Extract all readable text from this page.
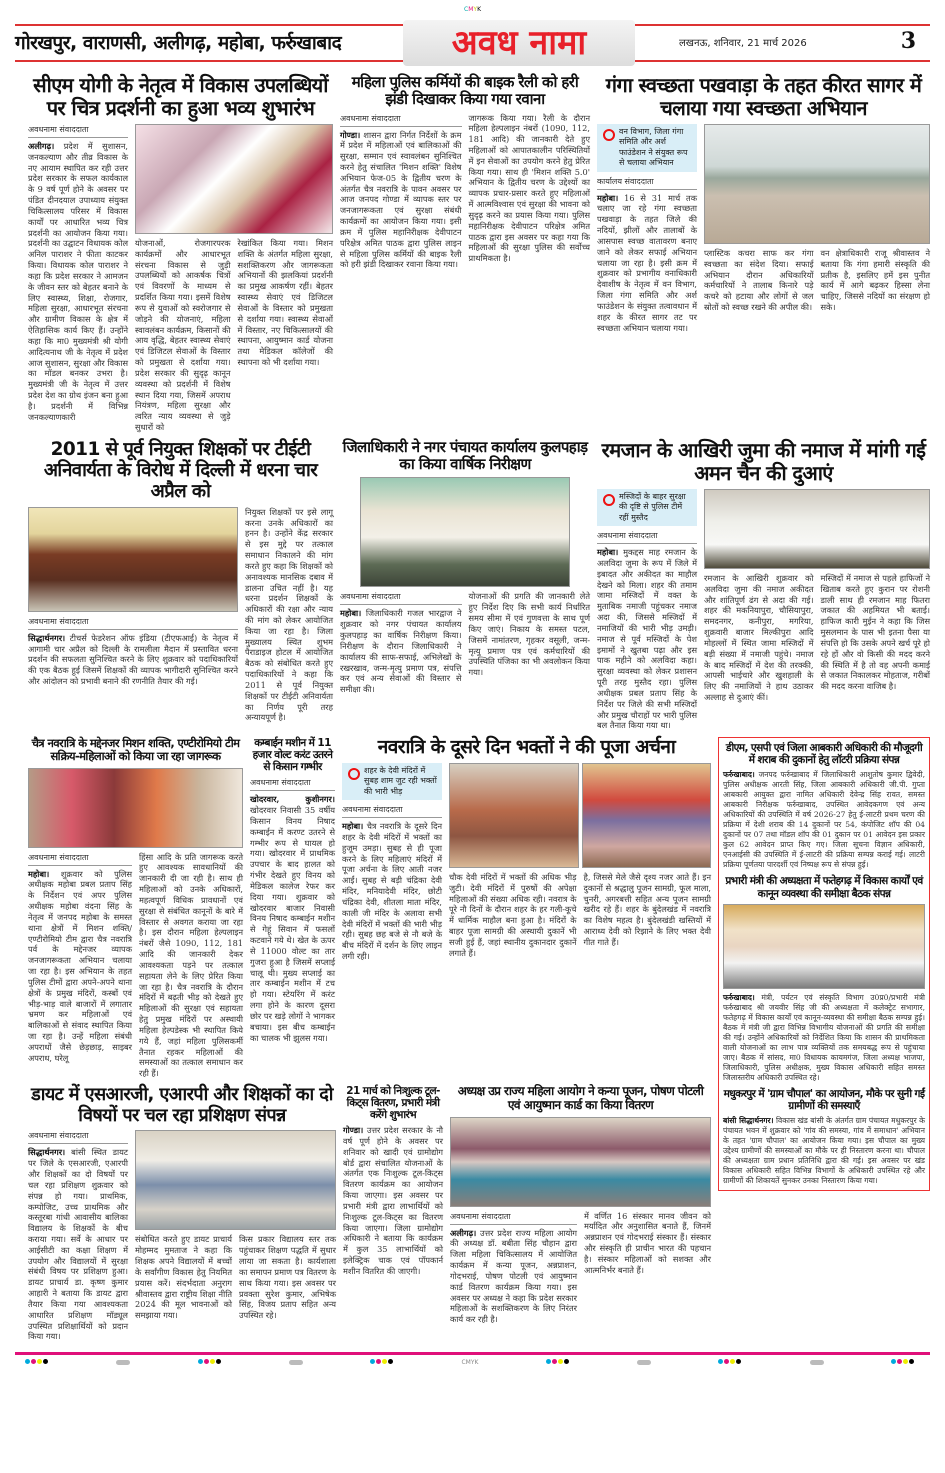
CMYK
गोरखपुर, वाराणसी, अलीगढ़, महोबा, फर्रुखाबाद	अवध नामा	लखनऊ, शनिवार, 21 मार्च 2026	3
सीएम योगी के नेतृत्व में विकास उपलब्धियों पर चित्र प्रदर्शनी का हुआ भव्य शुभारंभ
अवधनामा संवाददाता

अलीगढ़। प्रदेश में सुशासन, जनकल्याण और तीव्र विकास के नए आयाम स्थापित कर रही उत्तर प्रदेश सरकार के सफल कार्यकाल के 9 वर्ष पूर्ण होने के अवसर पर पंडित दीनदयाल उपाध्याय संयुक्त चिकित्सालय परिसर में विकास कार्यों पर आधारित भव्य चित्र प्रदर्शनी का आयोजन किया गया। प्रदर्शनी का उद्घाटन विधायक कोल अनिल पाराशर ने फीता काटकर किया। विधायक कोल पाराशर ने कहा कि प्रदेश सरकार ने आमजन के जीवन स्तर को बेहतर बनाने के लिए स्वास्थ्य, शिक्षा, रोजगार, महिला सुरक्षा, आधारभूत संरचना और ग्रामीण विकास के क्षेत्र में ऐतिहासिक कार्य किए हैं। उन्होंने कहा कि मा0 मुख्यमंत्री श्री योगी आदित्यनाथ जी के नेतृत्व में प्रदेश आज सुशासन, सुरक्षा और विकास का मॉडल बनकर उभरा है। मुख्यमंत्री जी के नेतृत्व में उत्तर प्रदेश देश का ग्रोथ इंजन बना हुआ है। प्रदर्शनी में विभिन्न जनकल्याणकारी

योजनाओं, रोजगारपरक कार्यक्रमों और आधारभूत संरचना विकास से जुड़ी उपलब्धियों को आकर्षक चित्रों एवं विवरणों के माध्यम से प्रदर्शित किया गया। इसमें विशेष रूप से युवाओं को स्वरोजगार से जोड़ने की योजनाएं, महिला स्वावलंबन कार्यक्रम, किसानों की आय वृद्धि, बेहतर स्वास्थ्य सेवाएं एवं डिजिटल सेवाओं के विस्तार को प्रमुखता से दर्शाया गया। प्रदेश सरकार की सुदृढ़ कानून व्यवस्था को प्रदर्शनी में विशेष स्थान दिया गया, जिसमें अपराध नियंत्रण, महिला सुरक्षा और त्वरित न्याय व्यवस्था से जुड़े सुधारों को

रेखांकित किया गया। मिशन शक्ति के अंतर्गत महिला सुरक्षा, सशक्तिकरण और जागरूकता अभियानों की झलकियां प्रदर्शनी का प्रमुख आकर्षण रहीं। बेहतर स्वास्थ्य सेवाएं एवं डिजिटल सेवाओं के विस्तार को प्रमुखता से दर्शाया गया। स्वास्थ्य सेवाओं में विस्तार, नए चिकित्सालयों की स्थापना, आयुष्मान कार्ड योजना तथा मेडिकल कॉलेजों की स्थापना को भी दर्शाया गया।

महिला पुलिस कर्मियों की बाइक रैली को हरी झंडी दिखाकर किया गया रवाना
अवधनामा संवाददाता

गोण्डा। शासन द्वारा निर्गत निर्देशों के क्रम में प्रदेश में महिलाओं एवं बालिकाओं की सुरक्षा, सम्मान एवं स्वावलंबन सुनिश्चित करने हेतु संचालित 'मिशन शक्ति' विशेष अभियान फेज-05 के द्वितीय चरण के अंतर्गत चैत्र नवरात्रि के पावन अवसर पर आज जनपद गोण्डा में व्यापक स्तर पर जनजागरूकता एवं सुरक्षा संबंधी कार्यक्रमों का आयोजन किया गया। इसी क्रम में पुलिस महानिरीक्षक देवीपाटन परिक्षेत्र अमित पाठक द्वारा पुलिस लाइन से महिला पुलिस कर्मियों की बाइक रैली को हरी झंडी दिखाकर रवाना किया गया।

जागरूक किया गया। रैली के दौरान महिला हेल्पलाइन नंबरों (1090, 112, 181 आदि) की जानकारी देते हुए महिलाओं को आपातकालीन परिस्थितियों में इन सेवाओं का उपयोग करने हेतु प्रेरित किया गया। साथ ही 'मिशन शक्ति 5.0' अभियान के द्वितीय चरण के उद्देश्यों का व्यापक प्रचार-प्रसार करते हुए महिलाओं में आत्मविश्वास एवं सुरक्षा की भावना को सुदृढ़ करने का प्रयास किया गया। पुलिस महानिरीक्षक देवीपाटन परिक्षेत्र अमित पाठक द्वारा इस अवसर पर कहा गया कि महिलाओं की सुरक्षा पुलिस की सर्वोच्च प्राथमिकता है।

गंगा स्वच्छता पखवाड़ा के तहत कीरत सागर में चलाया गया स्वच्छता अभियान
वन विभाग, जिला गंगा समिति और अर्श फाउंडेशन ने संयुक्त रूप से चलाया अभियान
कार्यालय संवाददाता

महोबा। 16 से 31 मार्च तक चलाए जा रहे गंगा स्वच्छता पखवाड़ा के तहत जिले की नदियों, झीलों और तालाबों के आसपास स्वच्छ वातावरण बनाए जाने को लेकर सफाई अभियान चलाया जा रहा है। इसी क्रम में शुक्रवार को प्रभागीय वनाधिकारी देवाशीष के नेतृत्व में वन विभाग, जिला गंगा समिति और अर्श फाउंडेशन के संयुक्त तत्वावधान में शहर के कीरत सागर तट पर स्वच्छता अभियान चलाया गया।

प्लास्टिक कचरा साफ कर गंगा स्वच्छता का संदेश दिया। सफाई अभियान दौरान अधिकारियों कर्मचारियों ने तालाब किनारे पड़े कचरे को हटाया और लोगों से जल स्रोतों को स्वच्छ रखने की अपील की।

वन क्षेत्राधिकारी राजू श्रीवास्तव ने बताया कि गंगा हमारी संस्कृति की प्रतीक है, इसलिए हमें इस पुनीत कार्य में आगे बढ़कर हिस्सा लेना चाहिए, जिससे नदियों का संरक्षण हो सके।

2011 से पूर्व नियुक्त शिक्षकों पर टीईटी अनिवार्यता के विरोध में दिल्ली में धरना चार अप्रैल को
अवधनामा संवाददाता

सिद्धार्थनगर। टीचर्स फेडरेशन ऑफ इंडिया (टीएफआई) के नेतृत्व में आगामी चार अप्रैल को दिल्ली के रामलीला मैदान में प्रस्तावित धरना प्रदर्शन की सफलता सुनिश्चित करने के लिए शुक्रवार को पदाधिकारियों की एक बैठक हुई जिसमें शिक्षकों की व्यापक भागीदारी सुनिश्चित करने और आंदोलन को प्रभावी बनाने की रणनीति तैयार की गई।

नियुक्त शिक्षकों पर इसे लागू करना उनके अधिकारों का हनन है। उन्होंने केंद्र सरकार से इस मुद्दे पर तत्काल समाधान निकालने की मांग करते हुए कहा कि शिक्षकों को अनावश्यक मानसिक दबाव में डालना उचित नहीं है। यह धरना प्रदर्शन शिक्षकों के अधिकारों की रक्षा और न्याय की मांग को लेकर आयोजित किया जा रहा है। जिला मुख्यालय स्थित शुभम पैराडाइज होटल में आयोजित बैठक को संबोधित करते हुए पदाधिकारियों ने कहा कि 2011 से पूर्व नियुक्त शिक्षकों पर टीईटी अनिवार्यता का निर्णय पूरी तरह अन्यायपूर्ण है।

जिलाधिकारी ने नगर पंचायत कार्यालय कुलपहाड़ का किया वार्षिक निरीक्षण
अवधनामा संवाददाता

महोबा। जिलाधिकारी गजल भारद्वाज ने शुक्रवार को नगर पंचायत कार्यालय कुलपहाड़ का वार्षिक निरीक्षण किया। निरीक्षण के दौरान जिलाधिकारी ने कार्यालय की साफ-सफाई, अभिलेखों के रखरखाव, जन्म-मृत्यु प्रमाण पत्र, संपत्ति कर एवं अन्य सेवाओं की विस्तार से समीक्षा की।

योजनाओं की प्रगति की जानकारी लेते हुए निर्देश दिए कि सभी कार्य निर्धारित समय सीमा में एवं गुणवत्ता के साथ पूर्ण किए जाएं। निकाय के समस्त पटल, जिसमें नामांतरण, गृहकर वसूली, जन्म-मृत्यु प्रमाण पत्र एवं कर्मचारियों की उपस्थिति पंजिका का भी अवलोकन किया गया।

रमजान के आखिरी जुमा की नमाज में मांगी गई अमन चैन की दुआएं
मस्जिदों के बाहर सुरक्षा की दृष्टि से पुलिस टीमें रहीं मुस्तैद
अवधनामा संवाददाता

महोबा। मुकद्दस माह रमजान के अलविदा जुमा के रूप में जिले में इबादत और अकीदत का माहौल देखने को मिला। शहर की तमाम जामा मस्जिदों में वक्त के मुताबिक नमाजी पहुंचकर नमाज अदा की, जिससे मस्जिदों में नमाजियों की भारी भीड़ उमड़ी। नमाज से पूर्व मस्जिदों के पेश इमामों ने खुतबा पढ़ा और इस पाक महीने को अलविदा कहा। सुरक्षा व्यवस्था को लेकर प्रशासन पूरी तरह मुस्तैद रहा। पुलिस अधीक्षक प्रबल प्रताप सिंह के निर्देश पर जिले की सभी मस्जिदों और प्रमुख चौराहों पर भारी पुलिस बल तैनात किया गया था।

रमजान के आखिरी शुक्रवार को अलविदा जुमा की नमाज अकीदत और शांतिपूर्ण ढंग से अदा की गई। शहर की मकनियापुरा, चौसियापुरा, समदनगर, कनीपुरा, मगरिया, शुक्रवारी बाजार मिल्कीपुरा आदि मोहल्लों में स्थित जामा मस्जिदों में बड़ी संख्या में नमाजी पहुंचे। नमाज के बाद मस्जिदों में देश की तरक्की, आपसी भाईचारे और खुशहाली के लिए की नमाजियों ने हाथ उठाकर अल्लाह से दुआएं कीं।

मस्जिदों में नमाज से पहले हाफिजों ने खिताब करते हुए कुरान पर रोशनी डाली साथ ही रमजान माह फितरा जकात की अहमियत भी बताई। हाफिज कारी मुईन ने कहा कि जिस मुसलमान के पास भी इतना पैसा या संपत्ति हो कि उसके अपने खर्च पूरे हो रहे हों और वो किसी की मदद करने की स्थिति में है तो वह अपनी कमाई से जकात निकालकर मोहताज, गरीबों की मदद करना वाजिब है।

चैत्र नवरात्रि के मद्देनजर मिशन शक्ति, एण्टीरोमियो टीम सक्रिय-महिलाओं को किया जा रहा जागरूक
अवधनामा संवाददाता

महोबा। शुक्रवार को पुलिस अधीक्षक महोबा प्रबल प्रताप सिंह के निर्देशन एवं अपर पुलिस अधीक्षक महोबा वंदना सिंह के नेतृत्व में जनपद महोबा के समस्त थाना क्षेत्रों में मिशन शक्ति/एण्टीरोमियो टीम द्वारा चैत्र नवरात्रि पर्व के मद्देनजर व्यापक जनजागरूकता अभियान चलाया जा रहा है। इस अभियान के तहत पुलिस टीमों द्वारा अपने-अपने थाना क्षेत्रों के प्रमुख मंदिरों, कस्बों एवं भीड़-भाड़ वाले बाजारों में लगातार भ्रमण कर महिलाओं एवं बालिकाओं से संवाद स्थापित किया जा रहा है। उन्हें महिला संबंधी अपराधों जैसे छेड़छाड़, साइबर अपराध, घरेलू

हिंसा आदि के प्रति जागरूक करते हुए आवश्यक सावधानियों की जानकारी दी जा रही है। साथ ही महिलाओं को उनके अधिकारों, महत्वपूर्ण विधिक प्रावधानों एवं सुरक्षा से संबंधित कानूनों के बारे में विस्तार से अवगत कराया जा रहा है। इस दौरान महिला हेल्पलाइन नंबरों जैसे 1090, 112, 181 आदि की जानकारी देकर आवश्यकता पड़ने पर तत्काल सहायता लेने के लिए प्रेरित किया जा रहा है। चैत्र नवरात्रि के दौरान मंदिरों में बढ़ती भीड़ को देखते हुए महिलाओं की सुरक्षा एवं सहायता हेतु प्रमुख मंदिरों पर अस्थायी महिला हेल्पडेस्क भी स्थापित किये गये हैं, जहां महिला पुलिसकर्मी तैनात रहकर महिलाओं की समस्याओं का तत्काल समाधान कर रही हैं।

कम्बाईन मशीन में 11 हजार वोल्ट करंट उतरने से किसान गम्भीर
अवधनामा संवाददाता

खोदरवार, कुशीनगर। खोदरवार निवासी 35 वर्षीय किसान विनय निषाद कम्बाईन में करण्ट उतरने से गम्भीर रूप से घायल हो गया। खोदरवार में प्राथमिक उपचार के बाद हालत को गंभीर देखते हुए विनय को मेडिकल कालेज रेफर कर दिया गया। शुक्रवार को खोदरवार बाजार निवासी विनय निषाद कम्बाईन मशीन से गेहूं सिवान में फसलों कटवाने गये थे। खेत के ऊपर से 11000 वोल्ट का तार गुजरा हुआ है जिसमें सप्लाई चालू थी। मुख्य सप्लाई का तार कम्बाईन मशीन में टच हो गया। स्टेयरिंग में करंट लगा होने के कारण दूसरा छोर पर खड़े लोगों ने भागकर बचाया। इस बीच कम्बाईन का चालक भी झुलस गया।

नवरात्रि के दूसरे दिन भक्तों ने की पूजा अर्चना
शहर के देवी मंदिरों में सुबह शाम जुट रही भक्तों की भारी भीड़
अवधनामा संवाददाता

महोबा। चैत्र नवरात्रि के दूसरे दिन शहर के देवी मंदिरों में भक्तों का हुजूम उमड़ा। सुबह से ही पूजा करने के लिए महिलाएं मंदिरों में पूजा अर्चना के लिए आती नजर आईं। सुबह से बड़ी चंद्रिका देवी मंदिर, मनियादेवी मंदिर, छोटी चंद्रिका देवी, शीतला माता मंदिर, काली जी मंदिर के अलावा सभी देवी मंदिरों में भक्तों की भारी भीड़ रही। सुबह छह बजे से नौ बजे के बीच मंदिरों में दर्शन के लिए लाइन लगी रही।

चौक देवी मंदिरों में भक्तों की अधिक भीड़ जुटी। देवी मंदिरों में पुरुषों की अपेक्षा महिलाओं की संख्या अधिक रही। नवरात्र के पूरे नौ दिनों के दौरान शहर के हर गली-कूचे में धार्मिक माहौल बना हुआ है। मंदिरों के बाहर पूजा सामग्री की अस्थायी दुकानें भी सजी हुई हैं, जहां स्थानीय दुकानदार दुकानें लगाते हैं।

है, जिससे मेले जैसे दृश्य नजर आते हैं। इन दुकानों से श्रद्धालु पूजन सामग्री, फूल माला, चुनरी, अगरबत्ती सहित अन्य पूजन सामग्री खरीद रहे हैं। शहर के बुंदेलखंड में नवरात्रि का विशेष महत्व है। बुंदेलखंडी खस्तियों में आराध्य देवी को रिझाने के लिए भक्त देवी गीत गाते हैं।

डायट में एसआरजी, एआरपी और शिक्षकों का दो विषयों पर चल रहा प्रशिक्षण संपन्न
अवधनामा संवाददाता

सिद्धार्थनगर। बांसी स्थित डायट पर जिले के एसआरजी, एआरपी और शिक्षकों का दो विषयों पर चल रहा प्रशिक्षण शुक्रवार को संपन्न हो गया। प्राथमिक, कम्पोजिट, उच्च प्राथमिक और कस्तूरबा गांधी आवासीय बालिका विद्यालय के शिक्षकों के बीच कराया गया। सर्वे के आधार पर आईसीटी का कक्षा शिक्षण में उपयोग और विद्यालयों में सुरक्षा संबंधी विषय पर प्रशिक्षण हुआ। डायट प्राचार्य डा. कृष्ण कुमार आहारी ने बताया कि डायट द्वारा तैयार किया गया आवश्यकता आधारित प्रशिक्षण मॉड्यूल उपस्थित प्रशिक्षार्थियों को प्रदान किया गया।

संबोधित करते हुए डायट प्राचार्य मोहम्मद मुमताज ने कहा कि शिक्षक अपने विद्यालयों में बच्चों के सर्वांगीण विकास हेतु नियमित प्रयास करें। संदर्भदाता अनुराग श्रीवास्तव द्वारा राष्ट्रीय शिक्षा नीति 2024 की मूल भावनाओं को समझाया गया।

किस प्रकार विद्यालय स्तर तक पहुंचाकर शिक्षण पद्धति में सुधार लाया जा सकता है। कार्यशाला का समापन प्रमाण पत्र वितरण के साथ किया गया। इस अवसर पर प्रवक्ता सुरेश कुमार, अभिषेक सिंह, विजय प्रताप सहित अन्य उपस्थित रहे।

21 मार्च को निःशुल्क टूल-किट्स वितरण, प्रभारी मंत्री करेंगे शुभारंभ

गोण्डा। उत्तर प्रदेश सरकार के नौ वर्ष पूर्ण होने के अवसर पर शनिवार को खादी एवं ग्रामोद्योग बोर्ड द्वारा संचालित योजनाओं के अंतर्गत एक निःशुल्क टूल-किट्स वितरण कार्यक्रम का आयोजन किया जाएगा। इस अवसर पर प्रभारी मंत्री द्वारा लाभार्थियों को निःशुल्क टूल-किट्स का वितरण किया जाएगा। जिला ग्रामोद्योग अधिकारी ने बताया कि कार्यक्रम में कुल 35 लाभार्थियों को इलेक्ट्रिक चाक एवं पॉपकार्न मशीन वितरित की जाएगी।

अध्यक्ष उप्र राज्य महिला आयोग ने कन्या पूजन, पोषण पोटली एवं आयुष्मान कार्ड का किया वितरण
अवधनामा संवाददाता

अलीगढ़। उत्तर प्रदेश राज्य महिला आयोग की अध्यक्ष डॉ. बबीता सिंह चौहान द्वारा जिला महिला चिकित्सालय में आयोजित कार्यक्रम में कन्या पूजन, अन्नप्राशन, गोदभराई, पोषण पोटली एवं आयुष्मान कार्ड वितरण कार्यक्रम किया गया। इस अवसर पर अध्यक्ष ने कहा कि प्रदेश सरकार महिलाओं के सशक्तिकरण के लिए निरंतर कार्य कर रही है।

में वर्णित 16 संस्कार मानव जीवन को मर्यादित और अनुशासित बनाते हैं, जिनमें अन्नप्राशन एवं गोदभराई संस्कार हैं। संस्कार और संस्कृति ही प्राचीन भारत की पहचान है। संस्कार महिलाओं को सशक्त और आत्मनिर्भर बनाते हैं।

डीएम, एसपी एवं जिला आबकारी अधिकारी की मौजूदगी में शराब की दुकानों हेतु लॉटरी प्रक्रिया संपन्न

फर्रुखाबाद। जनपद फर्रुखाबाद में जिलाधिकारी आशुतोष कुमार द्विवेदी, पुलिस अधीक्षक आरती सिंह, जिला आबकारी अधिकारी जी.पी. गुप्ता आबकारी आयुक्त द्वारा नामित अधिकारी देवेन्द्र सिंह रावत, समस्त आबकारी निरीक्षक फर्रुखाबाद, उपस्थित आवेदकगण एवं अन्य अधिकारियों की उपस्थिति में वर्ष 2026-27 हेतु ई-लाटरी प्रथम चरण की प्रक्रिया में देशी शराब की 14 दुकानों पर 54, कंपोजिट शॉप की 04 दुकानों पर 07 तथा मॉडल शॉप की 01 दुकान पर 01 आवेदन इस प्रकार कुल 62 आवेदन प्राप्त किए गए। जिला सूचना विज्ञान अधिकारी, एनआईसी की उपस्थिति में ई-लाटरी की प्रक्रिया सम्पन्न कराई गई। लाटरी प्रक्रिया पूर्णतया पारदर्शी एवं निष्पक्ष रूप से संपन्न हुई।

प्रभारी मंत्री की अध्यक्षता में फतेहगढ़ में विकास कार्यों एवं कानून व्यवस्था की समीक्षा बैठक संपन्न

फर्रुखाबाद। मंत्री, पर्यटन एवं संस्कृति विभाग उ0प्र0/प्रभारी मंत्री फर्रुखाबाद श्री जयवीर सिंह जी की अध्यक्षता में कलेक्ट्रेट सभागार, फतेहगढ़ में विकास कार्यों एवं कानून-व्यवस्था की समीक्षा बैठक सम्पन्न हुई। बैठक में मंत्री जी द्वारा विभिन्न विभागीय योजनाओं की प्रगति की समीक्षा की गई। उन्होंने अधिकारियों को निर्देशित किया कि शासन की प्राथमिकता वाली योजनाओं का लाभ पात्र व्यक्तियों तक समयबद्ध रूप से पहुंचाया जाए। बैठक में सांसद, मा0 विधायक कायमगंज, जिला अध्यक्ष भाजपा, जिलाधिकारी, पुलिस अधीक्षक, मुख्य विकास अधिकारी सहित समस्त जिलास्तरीय अधिकारी उपस्थित रहे।

मधुकरपुर में 'ग्राम चौपाल' का आयोजन, मौके पर सुनी गईं ग्रामीणों की समस्याएँ

बांसी सिद्धार्थनगर। विकास खंड बांसी के अंतर्गत ग्राम पंचायत मधुकरपुर के पंचायत भवन में शुक्रवार को 'गांव की समस्या, गांव में समाधान' अभियान के तहत 'ग्राम चौपाल' का आयोजन किया गया। इस चौपाल का मुख्य उद्देश्य ग्रामीणों की समस्याओं का मौके पर ही निस्तारण करना था। चौपाल की अध्यक्षता ग्राम प्रधान प्रतिनिधि द्वारा की गई। इस अवसर पर खंड विकास अधिकारी सहित विभिन्न विभागों के अधिकारी उपस्थित रहे और ग्रामीणों की शिकायतें सुनकर उनका निस्तारण किया गया।

CMYK
